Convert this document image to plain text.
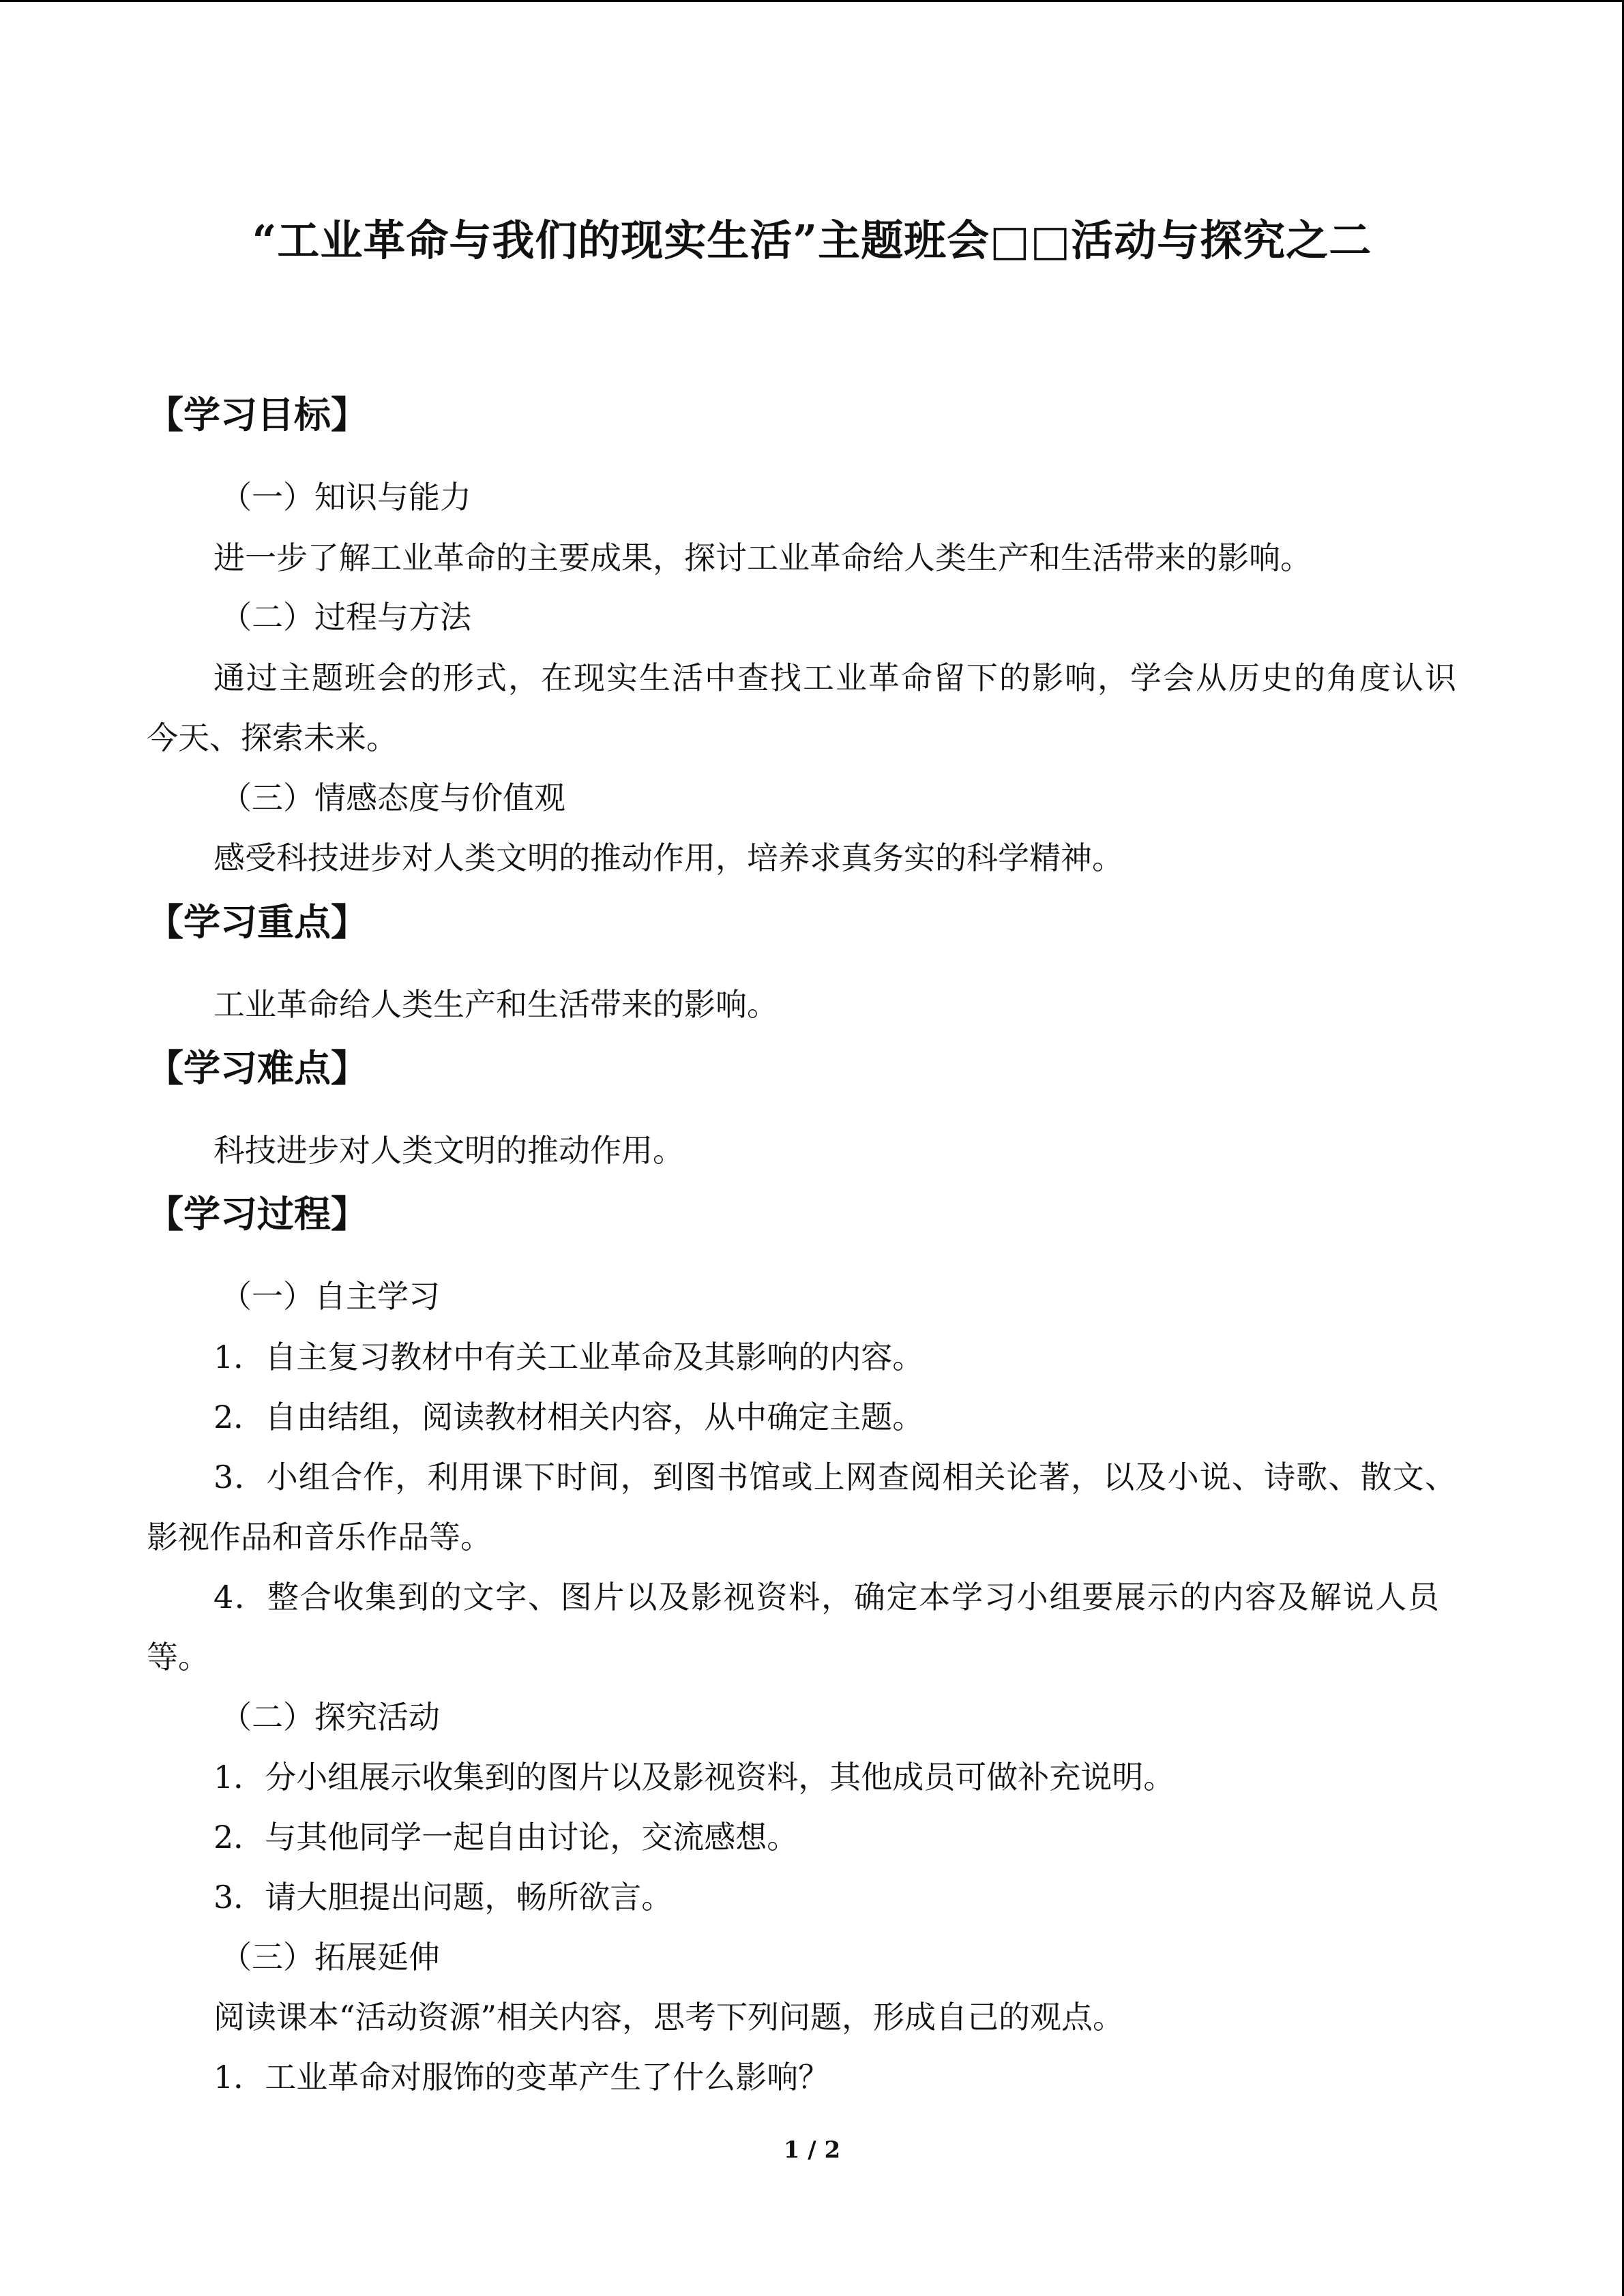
“工业革命与我们的现实生活”主题班会□□活动与探究之二
【学习目标】
（一）知识与能力
进一步了解工业革命的主要成果，探讨工业革命给人类生产和生活带来的影响。
（二）过程与方法
通过主题班会的形式，在现实生活中查找工业革命留下的影响，学会从历史的角度认识
今天、探索未来。
（三）情感态度与价值观
感受科技进步对人类文明的推动作用，培养求真务实的科学精神。
【学习重点】
工业革命给人类生产和生活带来的影响。
【学习难点】
科技进步对人类文明的推动作用。
【学习过程】
（一）自主学习
1．自主复习教材中有关工业革命及其影响的内容。
2．自由结组，阅读教材相关内容，从中确定主题。
3．小组合作，利用课下时间，到图书馆或上网查阅相关论著，以及小说、诗歌、散文、
影视作品和音乐作品等。
4．整合收集到的文字、图片以及影视资料，确定本学习小组要展示的内容及解说人员
等。
（二）探究活动
1．分小组展示收集到的图片以及影视资料，其他成员可做补充说明。
2．与其他同学一起自由讨论，交流感想。
3．请大胆提出问题，畅所欲言。
（三）拓展延伸
阅读课本“活动资源”相关内容，思考下列问题，形成自己的观点。
1．工业革命对服饰的变革产生了什么影响？
1 / 2
